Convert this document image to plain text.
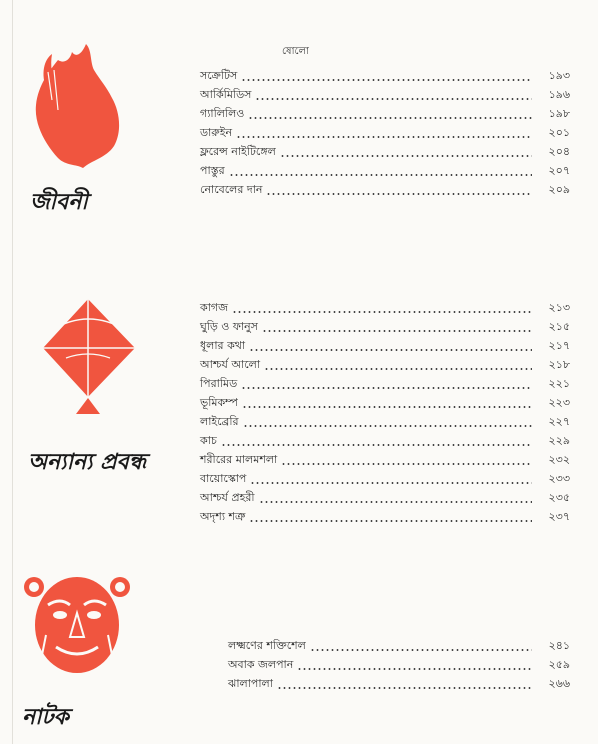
ষোলো
জীবনী
অন্যান্য প্রবন্ধ
নাটক
সক্রেটিস	১৯৩
আর্কিমিডিস	১৯৬
গ্যালিলিও	১৯৮
ডারুইন	২০১
ফ্লরেন্স নাইটিঙ্গেল	২০৪
পাস্তুর	২০৭
নোবেলের দান	২০৯
কাগজ	২১৩
ঘুড়ি ও ফানুস	২১৫
ধূলার কথা	২১৭
আশ্চর্য আলো	২১৮
পিরামিড	২২১
ভূমিকম্প	২২৩
লাইব্রেরি	২২৭
কাচ	২২৯
শরীরের মালমশলা	২৩২
বায়োস্কোপ	২৩৩
আশ্চর্য প্রহরী	২৩৫
অদৃশ্য শত্রু	২৩৭
লক্ষ্মণের শক্তিশেল	২৪১
অবাক জলপান	২৫৯
ঝালাপালা	২৬৬
